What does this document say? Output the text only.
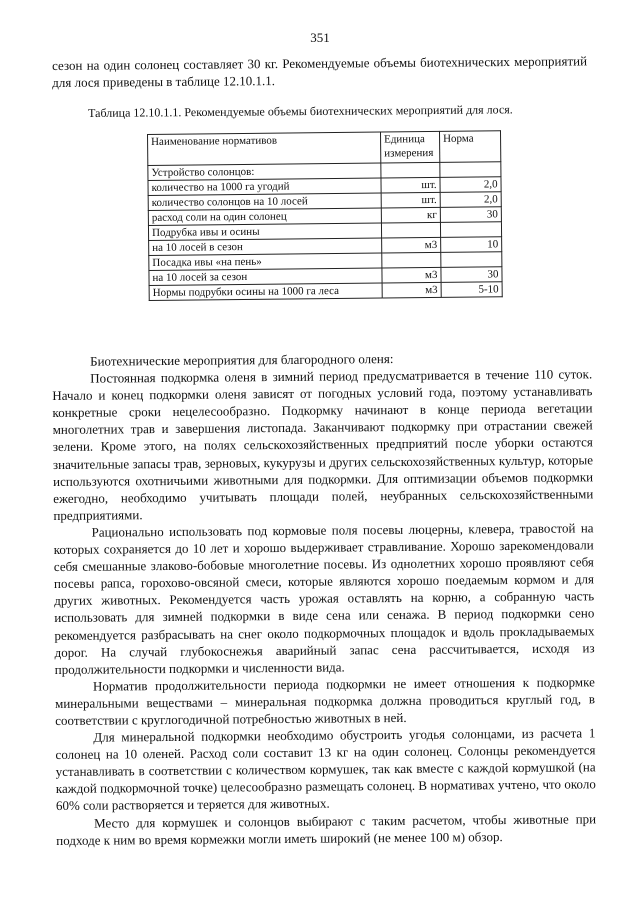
351
сезон на один солонец составляет 30 кг. Рекомендуемые объемы биотехнических мероприятий для лося приведены в таблице 12.10.1.1.
Таблица 12.10.1.1. Рекомендуемые объемы биотехнических мероприятий для лося.
Наименование нормативов	Единица измерения	Норма
Устройство солонцов:		
количество на 1000 га угодий	шт.	2,0
количество солонцов на 10 лосей	шт.	2,0
расход соли на один солонец	кг	30
Подрубка ивы и осины		
на 10 лосей в сезон	м3	10
Посадка ивы «на пень»		
на 10 лосей за сезон	м3	30
Нормы подрубки осины на 1000 га леса	м3	5-10

Биотехнические мероприятия для благородного оленя:

Постоянная подкормка оленя в зимний период предусматривается в течение 110 суток. Начало и конец подкормки оленя зависят от погодных условий года, поэтому устанавливать конкретные сроки нецелесообразно. Подкормку начинают в конце периода вегетации многолетних трав и завершения листопада. Заканчивают подкормку при отрастании свежей зелени. Кроме этого, на полях сельскохозяйственных предприятий после уборки остаются значительные запасы трав, зерновых, кукурузы и других сельскохозяйственных культур, которые используются охотничьими животными для подкормки. Для оптимизации объемов подкормки ежегодно, необходимо учитывать площади полей, неубранных сельскохозяйственными предприятиями.

Рационально использовать под кормовые поля посевы люцерны, клевера, травостой на которых сохраняется до 10 лет и хорошо выдерживает стравливание. Хорошо зарекомендовали себя смешанные злаково-бобовые многолетние посевы. Из однолетних хорошо проявляют себя посевы рапса, горохово-овсяной смеси, которые являются хорошо поедаемым кормом и для других животных. Рекомендуется часть урожая оставлять на корню, а собранную часть использовать для зимней подкормки в виде сена или сенажа. В период подкормки сено рекомендуется разбрасывать на снег около подкормочных площадок и вдоль прокладываемых дорог. На случай глубокоснежья аварийный запас сена рассчитывается, исходя из продолжительности подкормки и численности вида.

Норматив продолжительности периода подкормки не имеет отношения к подкормке минеральными веществами – минеральная подкормка должна проводиться круглый год, в соответствии с круглогодичной потребностью животных в ней.

Для минеральной подкормки необходимо обустроить угодья солонцами, из расчета 1 солонец на 10 оленей. Расход соли составит 13 кг на один солонец. Солонцы рекомендуется устанавливать в соответствии с количеством кормушек, так как вместе с каждой кормушкой (на каждой подкормочной точке) целесообразно размещать солонец. В нормативах учтено, что около 60% соли растворяется и теряется для животных.

Место для кормушек и солонцов выбирают с таким расчетом, чтобы животные при подходе к ним во время кормежки могли иметь широкий (не менее 100 м) обзор.
